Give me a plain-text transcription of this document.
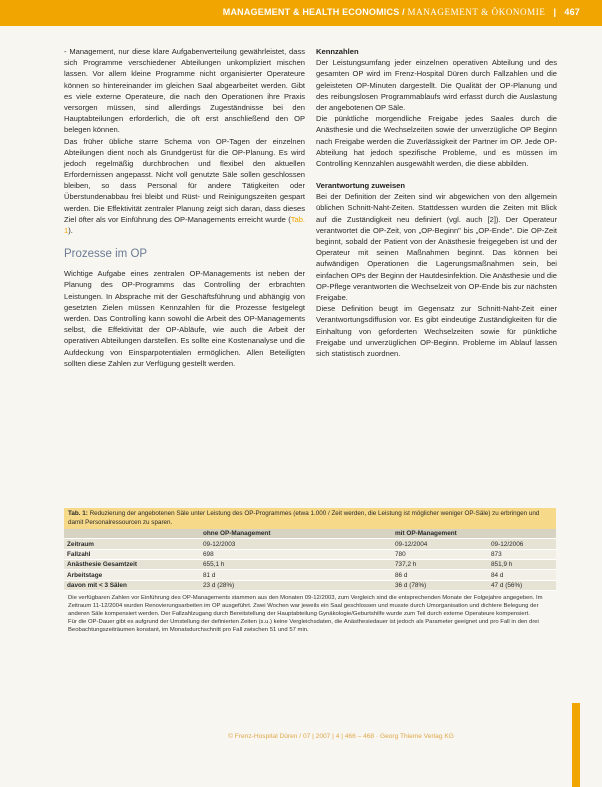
MANAGEMENT & HEALTH ECONOMICS / MANAGEMENT & ÖKONOMIE | 467

- Management, nur diese klare Aufgabenverteilung gewährleistet, dass sich Programme verschiedener Abteilungen unkompliziert mischen lassen. Vor allem kleine Programme nicht organisierter Operateure können so hintereinander im gleichen Saal abgearbeitet werden. Gibt es viele externe Operateure, die nach den Operationen ihre Praxis versorgen müssen, sind allerdings Zugeständnisse bei den Hauptabteilungen erforderlich, die oft erst anschließend den OP belegen können.

Das früher übliche starre Schema von OP-Tagen der einzelnen Abteilungen dient noch als Grundgerüst für die OP-Planung. Es wird jedoch regelmäßig durchbrochen und flexibel den aktuellen Erfordernissen angepasst. Nicht voll genutzte Säle sollen geschlossen bleiben, so dass Personal für andere Tätigkeiten oder Überstundenabbau frei bleibt und Rüst- und Reinigungszeiten gespart werden. Die Effektivität zentraler Planung zeigt sich daran, dass dieses Ziel öfter als vor Einführung des OP-Managements erreicht wurde (Tab. 1).

Prozesse im OP

Wichtige Aufgabe eines zentralen OP-Managements ist neben der Planung des OP-Programms das Controlling der erbrachten Leistungen. In Absprache mit der Geschäftsführung und abhängig von gesetzten Zielen müssen Kennzahlen für die Prozesse festgelegt werden. Das Controlling kann sowohl die Arbeit des OP-Managements selbst, die Effektivität der OP-Abläufe, wie auch die Arbeit der operativen Abteilungen darstellen. Es sollte eine Kostenanalyse und die Aufdeckung von Einsparpotentialen ermöglichen. Allen Beteiligten sollten diese Zahlen zur Verfügung gestellt werden.

Kennzahlen

Der Leistungsumfang jeder einzelnen operativen Abteilung und des gesamten OP wird im Frenz-Hospital Düren durch Fallzahlen und die geleisteten OP-Minuten dargestellt. Die Qualität der OP-Planung und des reibungslosen Programmablaufs wird erfasst durch die Auslastung der angebotenen OP Säle.

Die pünktliche morgendliche Freigabe jedes Saales durch die Anästhesie und die Wechselzeiten sowie der unverzügliche OP Beginn nach Freigabe werden die Zuverlässigkeit der Partner im OP. Jede OP-Abteilung hat jedoch spezifische Probleme, und es müssen im Controlling Kennzahlen ausgewählt werden, die diese abbilden.

Verantwortung zuweisen

Bei der Definition der Zeiten sind wir abgewichen von den allgemein üblichen Schnitt-Naht-Zeiten. Stattdessen wurden die Zeiten mit Blick auf die Zuständigkeit neu definiert (vgl. auch [2]). Der Operateur verantwortet die OP-Zeit, von „OP-Beginn" bis „OP-Ende". Die OP-Zeit beginnt, sobald der Patient von der Anästhesie freigegeben ist und der Operateur mit seinen Maßnahmen beginnt. Das können bei aufwändigen Operationen die Lagerungsmaßnahmen sein, bei einfachen OPs der Beginn der Hautdesinfektion. Die Anästhesie und die OP-Pflege verantworten die Wechselzeit von OP-Ende bis zur nächsten Freigabe.

Diese Definition beugt im Gegensatz zur Schnitt-Naht-Zeit einer Verantwortungsdiffusion vor. Es gibt eindeutige Zuständigkeiten für die Einhaltung von geforderten Wechselzeiten sowie für pünktliche Freigabe und unverzüglichen OP-Beginn. Probleme im Ablauf lassen sich statistisch zuordnen.

Tab. 1: Reduzierung der angebotenen Säle unter Leistung des OP-Programmes (etwa 1.000 / Zeit werden, die Leistung ist möglicher weniger OP-Säle) zu erbringen und damit Personalressourcen zu sparen.
	ohne OP-Management		mit OP-Management	
Zeitraum	09-12/2003		09-12/2004	09-12/2006
Fallzahl	698		780	873
Anästhesie Gesamtzeit	655,1 h		737,2 h	851,9 h
Arbeitstage	81 d		86 d	84 d
davon mit < 3 Sälen	23 d (28%)		36 d (78%)	47 d (56%)

Die verfügbaren Zahlen vor Einführung des OP-Managements stammen aus den Monaten 09-12/2003, zum Vergleich sind die entsprechenden Monate der Folgejahre angegeben. Im Zeitraum 11-12/2004 wurden Renovierungsarbeiten im OP ausgeführt. Zwei Wochen war jeweils ein Saal geschlossen und musste durch Umorganisation und dichtere Belegung der anderen Säle kompensiert werden. Der Fallzahlzugang durch Bereitstellung der Hauptabteilung Gynäkologie/Geburtshilfe wurde zum Teil durch externe Operateure kompensiert.

Für die OP-Dauer gibt es aufgrund der Umstellung der definierten Zeiten (s.u.) keine Vergleichsdaten, die Anästhesiedauer ist jedoch als Parameter geeignet und pro Fall in den drei Beobachtungszeiträumen konstant, im Monatsdurchschnitt pro Fall zwischen 51 und 57 min.

© Frenz-Hospital Düren / 07 | 2007 | 4 | 466 – 468 · Georg Thieme Verlag KG
